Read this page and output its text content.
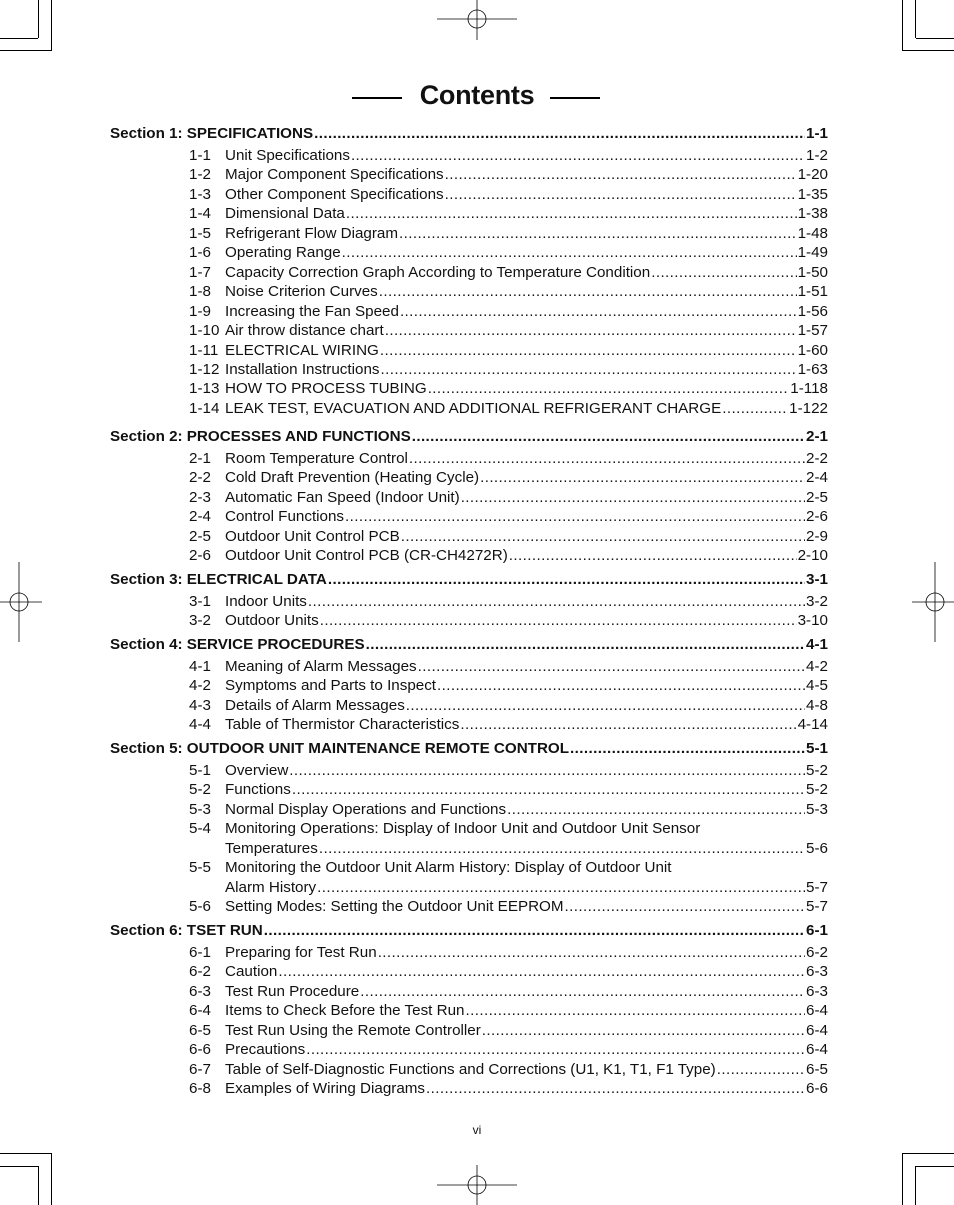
Contents
Section 1: SPECIFICATIONS .....	1-1
1-1 Unit Specifications .....	1-2
1-2 Major Component Specifications .....	1-20
1-3 Other Component Specifications .....	1-35
1-4 Dimensional Data .....	1-38
1-5 Refrigerant Flow Diagram .....	1-48
1-6 Operating Range .....	1-49
1-7 Capacity Correction Graph According to Temperature Condition .....	1-50
1-8 Noise Criterion Curves .....	1-51
1-9 Increasing the Fan Speed .....	1-56
1-10 Air throw distance chart .....	1-57
1-11 ELECTRICAL WIRING .....	1-60
1-12 Installation Instructions .....	1-63
1-13 HOW TO PROCESS TUBING .....	1-118
1-14 LEAK TEST, EVACUATION AND ADDITIONAL REFRIGERANT CHARGE .....	1-122
Section 2: PROCESSES AND FUNCTIONS .....	2-1
2-1 Room Temperature Control .....	2-2
2-2 Cold Draft Prevention (Heating Cycle) .....	2-4
2-3 Automatic Fan Speed (Indoor Unit) .....	2-5
2-4 Control Functions .....	2-6
2-5 Outdoor Unit Control PCB .....	2-9
2-6 Outdoor Unit Control PCB (CR-CH4272R) .....	2-10
Section 3: ELECTRICAL DATA .....	3-1
3-1 Indoor Units .....	3-2
3-2 Outdoor Units .....	3-10
Section 4: SERVICE PROCEDURES .....	4-1
4-1 Meaning of Alarm Messages .....	4-2
4-2 Symptoms and Parts to Inspect .....	4-5
4-3 Details of Alarm Messages .....	4-8
4-4 Table of Thermistor Characteristics .....	4-14
Section 5: OUTDOOR UNIT MAINTENANCE REMOTE CONTROL .....	5-1
5-1 Overview .....	5-2
5-2 Functions .....	5-2
5-3 Normal Display Operations and Functions .....	5-3
5-4 Monitoring Operations: Display of Indoor Unit and Outdoor Unit Sensor
Temperatures .....	5-6
5-5 Monitoring the Outdoor Unit Alarm History: Display of Outdoor Unit
Alarm History .....	5-7
5-6 Setting Modes: Setting the Outdoor Unit EEPROM .....	5-7
Section 6: TSET RUN .....	6-1
6-1 Preparing for Test Run .....	6-2
6-2 Caution .....	6-3
6-3 Test Run Procedure .....	6-3
6-4 Items to Check Before the Test Run .....	6-4
6-5 Test Run Using the Remote Controller .....	6-4
6-6 Precautions .....	6-4
6-7 Table of Self-Diagnostic Functions and Corrections (U1, K1, T1, F1 Type) .....	6-5
6-8 Examples of Wiring Diagrams .....	6-6
vi
